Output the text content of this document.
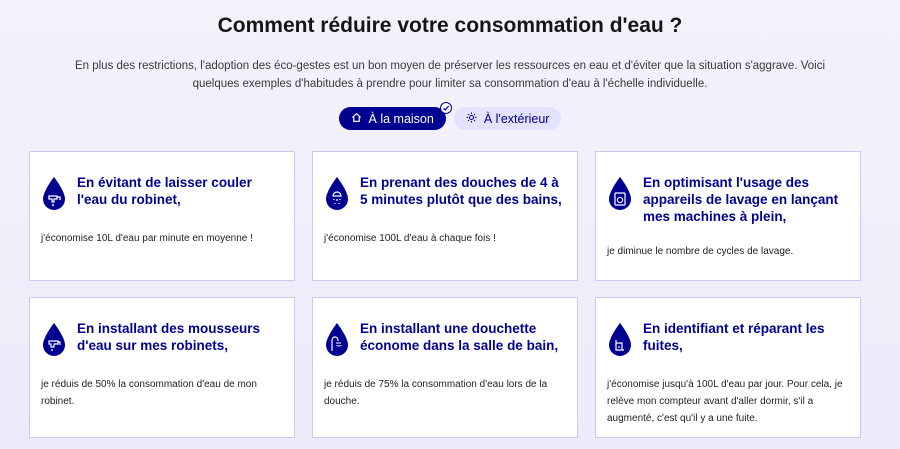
Comment réduire votre consommation d'eau ?

En plus des restrictions, l'adoption des éco-gestes est un bon moyen de préserver les ressources en eau et d'éviter que la situation s'aggrave. Voici quelques exemples d'habitudes à prendre pour limiter sa consommation d'eau à l'échelle individuelle.

À la maison	À l'extérieur
En évitant de laisser couler l'eau du robinet,
j'économise 10L d'eau par minute en moyenne !
En prenant des douches de 4 à 5 minutes plutôt que des bains,
j'économise 100L d'eau à chaque fois !
En optimisant l'usage des appareils de lavage en lançant mes machines à plein,
je diminue le nombre de cycles de lavage.
En installant des mousseurs d'eau sur mes robinets,
je réduis de 50% la consommation d'eau de mon robinet.
En installant une douchette économe dans la salle de bain,
je réduis de 75% la consommation d'eau lors de la douche.
En identifiant et réparant les fuites,
j'économise jusqu'à 100L d'eau par jour. Pour cela, je relève mon compteur avant d'aller dormir, s'il a augmenté, c'est qu'il y a une fuite.
